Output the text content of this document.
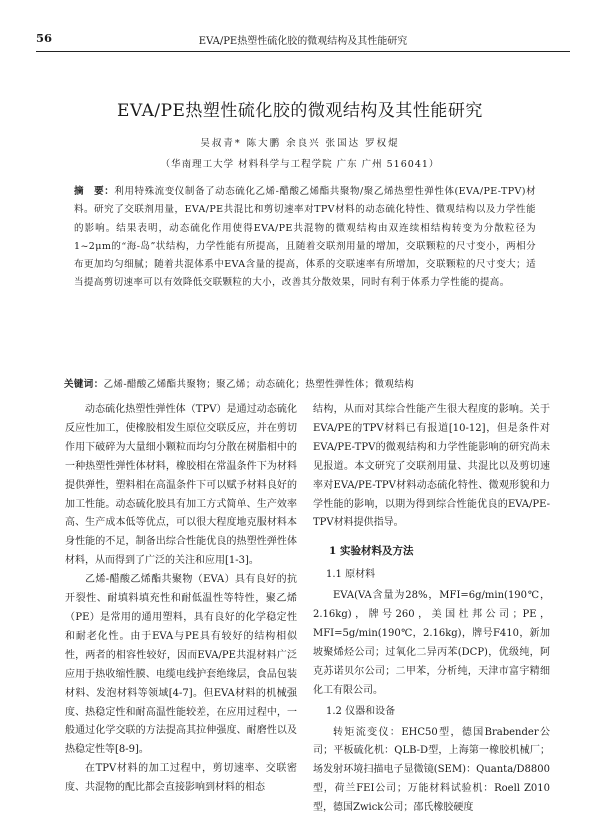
56	EVA/PE热塑性硫化胶的微观结构及其性能研究
EVA/PE热塑性硫化胶的微观结构及其性能研究
吴叔青* 陈大鹏 余良兴 张国达 罗权焜
（华南理工大学 材料科学与工程学院 广东 广州 516041）
摘　要：利用特殊流变仪制备了动态硫化乙烯-醋酸乙烯酯共聚物/聚乙烯热塑性弹性体(EVA/PE-TPV)材料。研究了交联剂用量，EVA/PE共混比和剪切速率对TPV材料的动态硫化特性、微观结构以及力学性能的影响。结果表明，动态硫化作用使得EVA/PE共混物的微观结构由双连续相结构转变为分散粒径为1~2μm的“海-岛”状结构，力学性能有所提高，且随着交联剂用量的增加，交联颗粒的尺寸变小，两相分布更加均匀细腻；随着共混体系中EVA含量的提高，体系的交联速率有所增加，交联颗粒的尺寸变大；适当提高剪切速率可以有效降低交联颗粒的大小，改善其分散效果，同时有利于体系力学性能的提高。
关键词：乙烯-醋酸乙烯酯共聚物；聚乙烯；动态硫化；热塑性弹性体；微观结构

动态硫化热塑性弹性体（TPV）是通过动态硫化反应性加工，使橡胶相发生原位交联反应，并在剪切作用下破碎为大量细小颗粒而均匀分散在树脂相中的一种热塑性弹性体材料，橡胶相在常温条件下为材料提供弹性，塑料相在高温条件下可以赋予材料良好的加工性能。动态硫化胶具有加工方式简单、生产效率高、生产成本低等优点，可以很大程度地克服材料本身性能的不足，制备出综合性能优良的热塑性弹性体材料，从而得到了广泛的关注和应用[1-3]。

乙烯-醋酸乙烯酯共聚物（EVA）具有良好的抗开裂性、耐填料填充性和耐低温性等特性，聚乙烯（PE）是常用的通用塑料，具有良好的化学稳定性和耐老化性。由于EVA与PE具有较好的结构相似性，两者的相容性较好，因而EVA/PE共混材料广泛应用于热收缩性膜、电缆电线护套绝缘层，食品包装材料、发泡材料等领域[4-7]。但EVA材料的机械强度、热稳定性和耐高温性能较差，在应用过程中，一般通过化学交联的方法提高其拉伸强度、耐磨性以及热稳定性等[8-9]。

在TPV材料的加工过程中，剪切速率、交联密度、共混物的配比都会直接影响到材料的相态

结构，从而对其综合性能产生很大程度的影响。关于EVA/PE的TPV材料已有报道[10-12]，但是条件对EVA/PE-TPV的微观结构和力学性能影响的研究尚未见报道。本文研究了交联剂用量、共混比以及剪切速率对EVA/PE-TPV材料动态硫化特性、微观形貌和力学性能的影响，以期为得到综合性能优良的EVA/PE-TPV材料提供指导。

1 实验材料及方法
1.1 原材料

EVA(VA含量为28%，MFI=6g/min(190℃，2.16kg)，牌号260，美国杜邦公司；PE，MFI=5g/min(190℃，2.16kg)，牌号F410，新加坡聚烯烃公司；过氧化二异丙苯(DCP)，优级纯，阿克苏诺贝尔公司；二甲苯，分析纯，天津市富宇精细化工有限公司。

1.2 仪器和设备

转矩流变仪：EHC50型，德国Brabender公司；平板硫化机：QLB-D型，上海第一橡胶机械厂；场发射环境扫描电子显微镜(SEM)：Quanta/D8800型，荷兰FEI公司；万能材料试验机：Roell Z010型，德国Zwick公司；邵氏橡胶硬度
